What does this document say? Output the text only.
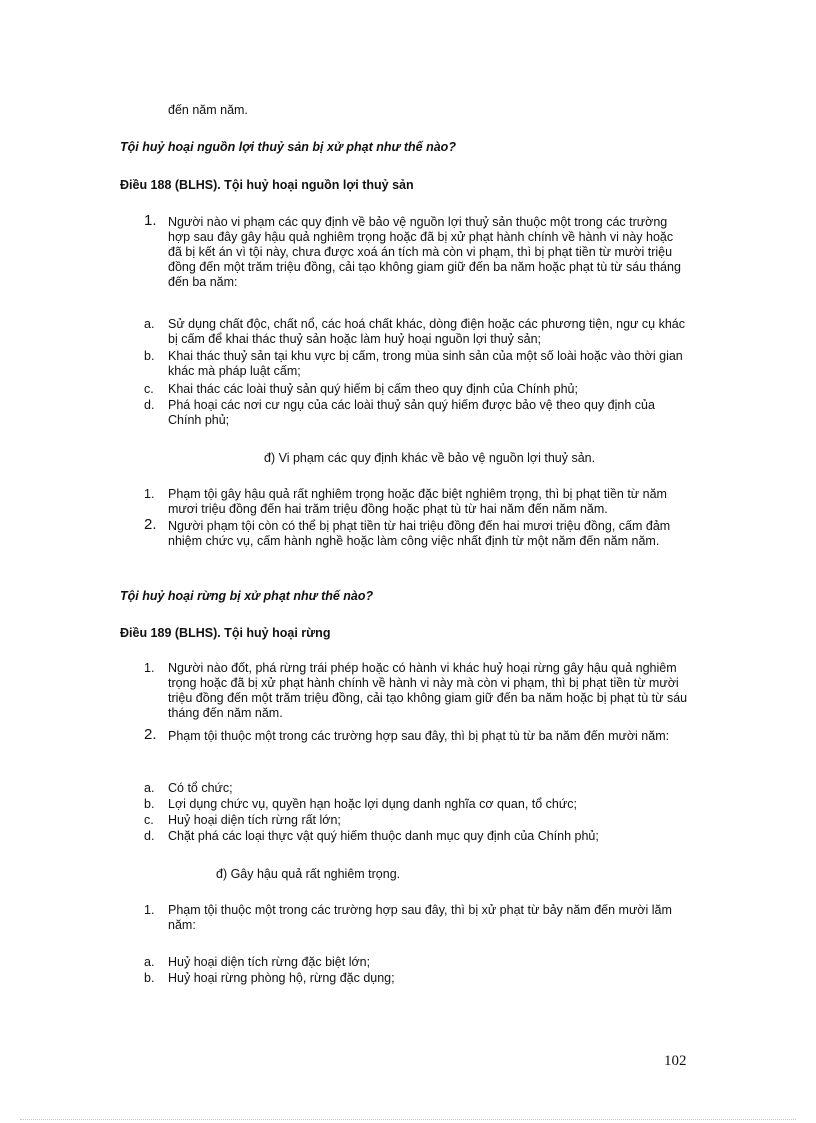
đến năm năm.
Tội huỷ hoại nguồn lợi thuỷ sản bị xử phạt như thế nào?
Điều 188 (BLHS). Tội huỷ hoại nguồn lợi thuỷ sản
1. Người nào vi phạm các quy định về bảo vệ nguồn lợi thuỷ sản thuộc một trong các trường hợp sau đây gây hậu quả nghiêm trọng hoặc đã bị xử phạt hành chính về hành vi này hoặc đã bị kết án vì tội này, chưa được xoá án tích mà còn vi phạm, thì bị phạt tiền từ mười triệu đồng đến một trăm triệu đồng, cải tạo không giam giữ đến ba năm hoặc phạt tù từ sáu tháng đến ba năm:
a.	Sử dụng chất độc, chất nổ, các hoá chất khác, dòng điện hoặc các phương tiện, ngư cụ khác bị cấm để khai thác thuỷ sản hoặc làm huỷ hoại nguồn lợi thuỷ sản;
b.	Khai thác thuỷ sản tại khu vực bị cấm, trong mùa sinh sản của một số loài hoặc vào thời gian khác mà pháp luật cấm;
c.	Khai thác các loài thuỷ sản quý hiếm bị cấm theo quy định của Chính phủ;
d.	Phá hoại các nơi cư ngụ của các loài thuỷ sản quý hiếm được bảo vệ theo quy định của Chính phủ;
đ) Vi phạm các quy định khác về bảo vệ nguồn lợi thuỷ sản.
1.	Phạm tội gây hậu quả rất nghiêm trọng hoặc đặc biệt nghiêm trọng, thì bị phạt tiền từ năm mươi triệu đồng đến hai trăm triệu đồng hoặc phạt tù từ hai năm đến năm năm.
2. Người phạm tội còn có thể bị phạt tiền từ hai triệu đồng đến hai mươi triệu đồng, cấm đảm nhiệm chức vụ, cấm hành nghề hoặc làm công việc nhất định từ một năm đến năm năm.
Tội huỷ hoại rừng bị xử phạt như thế nào?
Điều 189 (BLHS). Tội huỷ hoại rừng
1.	Người nào đốt, phá rừng trái phép hoặc có hành vi khác huỷ hoại rừng gây hậu quả nghiêm trọng hoặc đã bị xử phạt hành chính về hành vi này mà còn vi phạm, thì bị phạt tiền từ mười triệu đồng đến một trăm triệu đồng, cải tạo không giam giữ đến ba năm hoặc bị phạt tù từ sáu tháng đến năm năm.
2. Phạm tội thuộc một trong các trường hợp sau đây, thì bị phạt tù từ ba năm đến mười năm:
a.	Có tổ chức;
b.	Lợi dụng chức vụ, quyền hạn hoặc lợi dụng danh nghĩa cơ quan, tổ chức;
c.	Huỷ hoại diện tích rừng rất lớn;
d.	Chặt phá các loại thực vật quý hiếm thuộc danh mục quy định của Chính phủ;
đ) Gây hậu quả rất nghiêm trọng.
1.	Phạm tội thuộc một trong các trường hợp sau đây, thì bị xử phạt từ bảy năm đến mười lăm năm:
a.	Huỷ hoại diện tích rừng đặc biệt lớn;
b.	Huỷ hoại rừng phòng hộ, rừng đặc dụng;
102
